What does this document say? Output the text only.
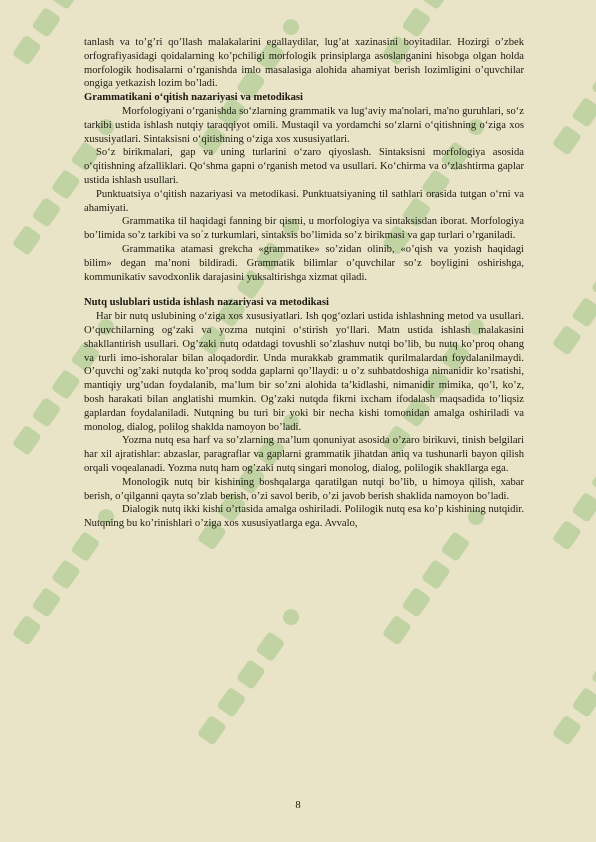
tanlash va to’g’ri qo’llash malakalarini egallaydilar, lug’at xazinasini boyitadilar. Hozirgi o’zbek orfografiyasidagi qoidalarning ko’pchiligi morfologik prinsiplarga asoslanganini hisobga olgan holda morfologik hodisalarni o’rganishda imlo masalasiga alohida ahamiyat berish lozimligini o’quvchilar ongiga yetkazish lozim bo’ladi.

Grammatikani o‘qitish nazariyasi va metodikasi

Morfologiyani o‘rganishda so‘zlarning grammatik va lug‘aviy ma'nolari, ma'no guruhlari, so‘z tarkibi ustida ishlash nutqiy taraqqiyot omili. Mustaqil va yordamchi so‘zlarni o‘qitishning o‘ziga xos xususiyatlari. Sintaksisni o‘qitishning o‘ziga xos xususiyatlari.

So‘z birikmalari, gap va uning turlarini o‘zaro qiyoslash. Sintaksisni morfologiya asosida o‘qitishning afzalliklari. Qo‘shma gapni o‘rganish metod va usullari. Ko‘chirma va o‘zlashtirma gaplar ustida ishlash usullari.

Punktuatsiya o‘qitish nazariyasi va metodikasi. Punktuatsiyaning til sathlari orasida tutgan o‘rni va ahamiyati.

Grammatika til haqidagi fanning bir qismi, u morfologiya va sintaksisdan iborat. Morfologiya bo’limida so’z tarkibi va so`z turkumlari, sintaksis bo’limida so’z birikmasi va gap turlari o’rganiladi.

Grammatika atamasi grekcha «grammatike» so’zidan olinib, «o’qish va yozish haqidagi bilim» degan ma’noni bildiradi. Grammatik bilimlar o’quvchilar so’z boyligini oshirishga, kommunikativ savodxonlik darajasini yuksaltirishga xizmat qiladi.

Nutq uslublari ustida ishlash nazariyasi va metodikasi

Har bir nutq uslubining o‘ziga xos xususiyatlari. Ish qog‘ozlari ustida ishlashning metod va usullari. O‘quvchilarning og‘zaki va yozma nutqini o‘stirish yo‘llari. Matn ustida ishlash malakasini shakllantirish usullari. Og’zaki nutq odatdagi tovushli so’zlashuv nutqi bo’lib, bu nutq ko’proq ohang va turli imo-ishoralar bilan aloqadordir. Unda murakkab grammatik qurilmalardan foydalanilmaydi. O’quvchi og’zaki nutqda ko’proq sodda gaplarni qo’llaydi: u o’z suhbatdoshiga nimanidir ko’rsatishi, mantiqiy urg’udan foydalanib, ma’lum bir so’zni alohida ta’kidlashi, nimanidir mimika, qo’l, ko’z, bosh harakati bilan anglatishi mumkin. Og’zaki nutqda fikrni ixcham ifodalash maqsadida to’liqsiz gaplardan foydalaniladi. Nutqning bu turi bir yoki bir necha kishi tomonidan amalga oshiriladi va monolog, dialog, polilog shaklda namoyon bo’ladi.

Yozma nutq esa harf va so’zlarning ma’lum qonuniyat asosida o’zaro birikuvi, tinish belgilari har xil ajratishlar: abzaslar, paragraflar va gaplarni grammatik jihatdan aniq va tushunarli bayon qilish orqali voqealanadi. Yozma nutq ham og’zaki nutq singari monolog, dialog, polilogik shakllarga ega.

Monologik nutq bir kishining boshqalarga qaratilgan nutqi bo’lib, u himoya qilish, xabar berish, o’qilganni qayta so’zlab berish, o’zi savol berib, o’zi javob berish shaklida namoyon bo’ladi.

Dialogik nutq ikki kishi o’rtasida amalga oshiriladi. Polilogik nutq esa ko’p kishining nutqidir. Nutqning bu ko’rinishlari o’ziga xos xususiyatlarga ega. Avvalo,

8
